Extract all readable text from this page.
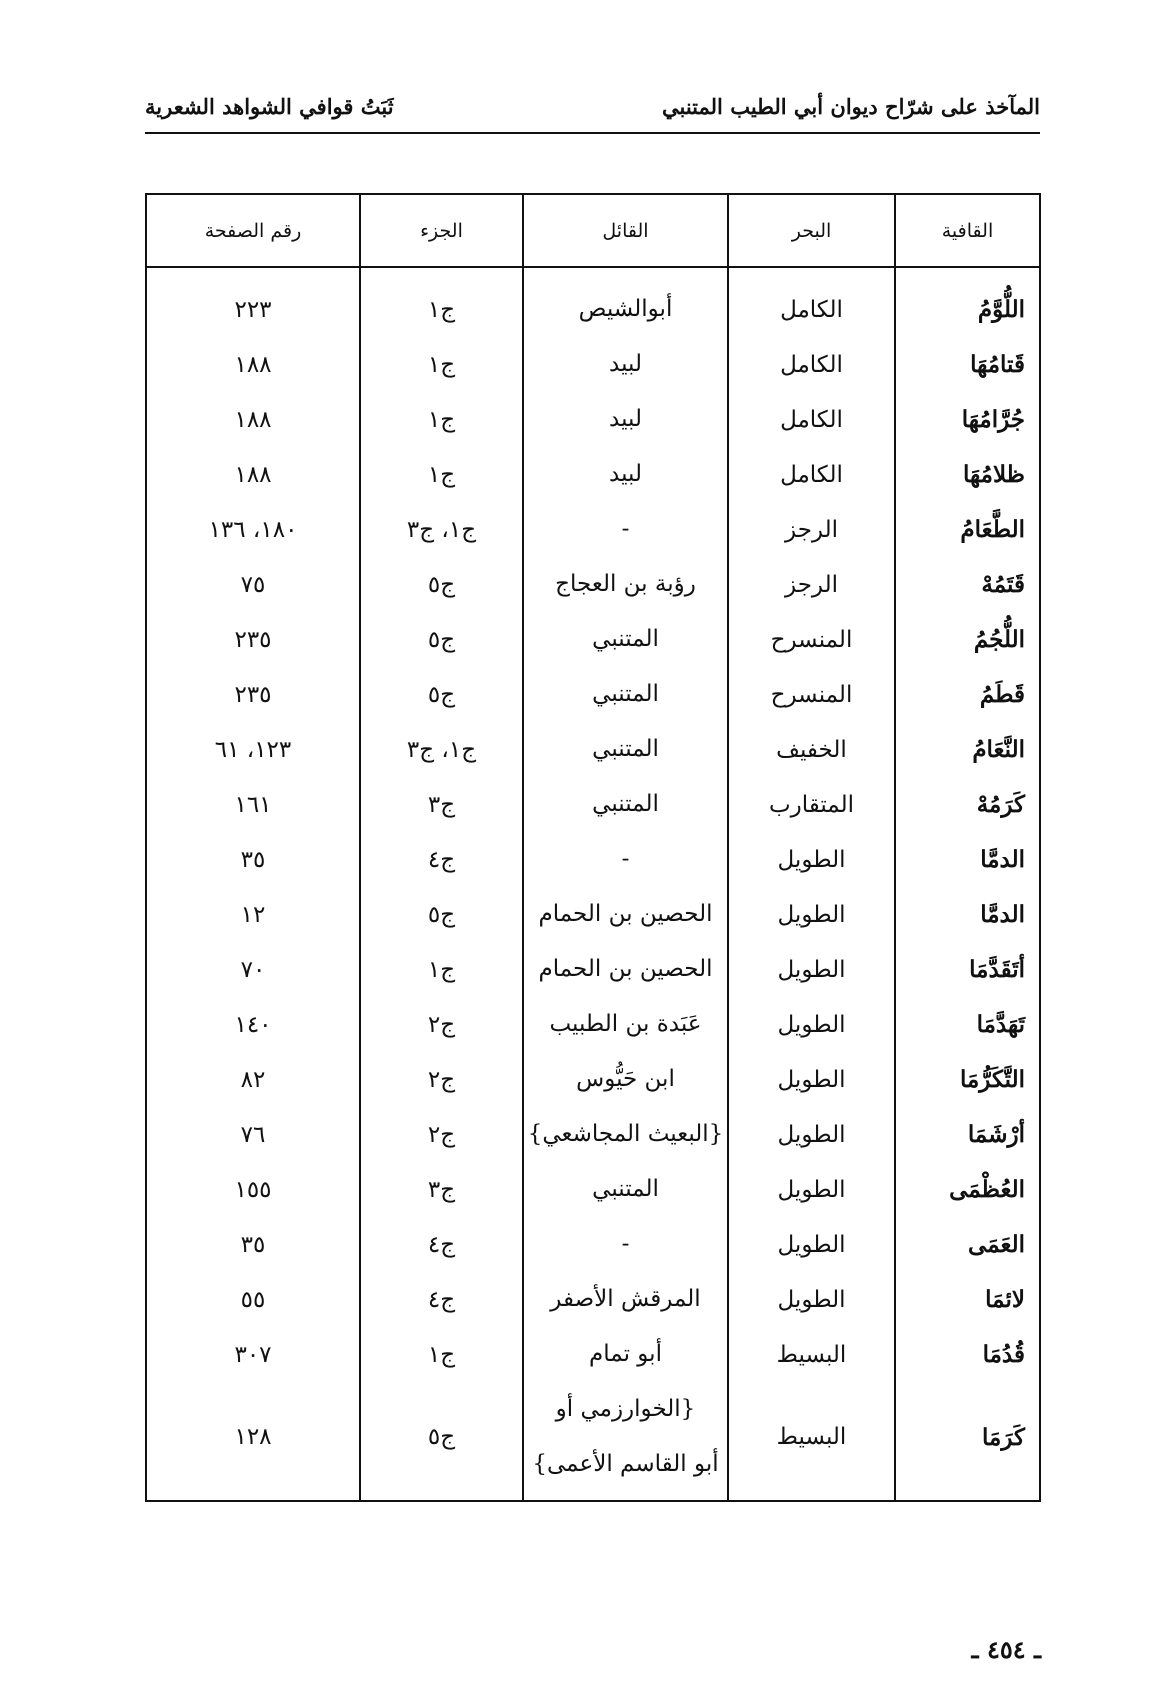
المآخذ على شرّاح ديوان أبي الطيب المتنبي
ثَبَتُ قوافي الشواهد الشعرية
القافية	البحر	القائل	الجزء	رقم الصفحة
اللُّوَّمُ	الكامل	أبوالشيص	ج١	٢٢٣
قَتامُهَا	الكامل	لبيد	ج١	١٨٨
جُرَّامُهَا	الكامل	لبيد	ج١	١٨٨
ظلامُهَا	الكامل	لبيد	ج١	١٨٨
الطَّعَامُ	الرجز	-	ج١، ج٣	١٨٠، ١٣٦
قَتَمُهْ	الرجز	رؤبة بن العجاج	ج٥	٧٥
اللُّجُمُ	المنسرح	المتنبي	ج٥	٢٣٥
قَطَمُ	المنسرح	المتنبي	ج٥	٢٣٥
النَّعَامُ	الخفيف	المتنبي	ج١، ج٣	١٢٣، ٦١
كَرَمُهْ	المتقارب	المتنبي	ج٣	١٦١
الدمَّا	الطويل	-	ج٤	٣٥
الدمَّا	الطويل	الحصين بن الحمام	ج٥	١٢
أتَقَدَّمَا	الطويل	الحصين بن الحمام	ج١	٧٠
تَهَدَّمَا	الطويل	عَبَدة بن الطبيب	ج٢	١٤٠
التَّكَرُّمَا	الطويل	ابن حَيُّوس	ج٢	٨٢
أرْشَمَا	الطويل	{البعيث المجاشعي}	ج٢	٧٦
العُظْمَى	الطويل	المتنبي	ج٣	١٥٥
العَمَى	الطويل	-	ج٤	٣٥
لائمَا	الطويل	المرقش الأصفر	ج٤	٥٥
قُدُمَا	البسيط	أبو تمام	ج١	٣٠٧
كَرَمَا	البسيط	{الخوارزمي أو
أبو القاسم الأعمى}	ج٥	١٢٨
ـ ٤٥٤ ـ
